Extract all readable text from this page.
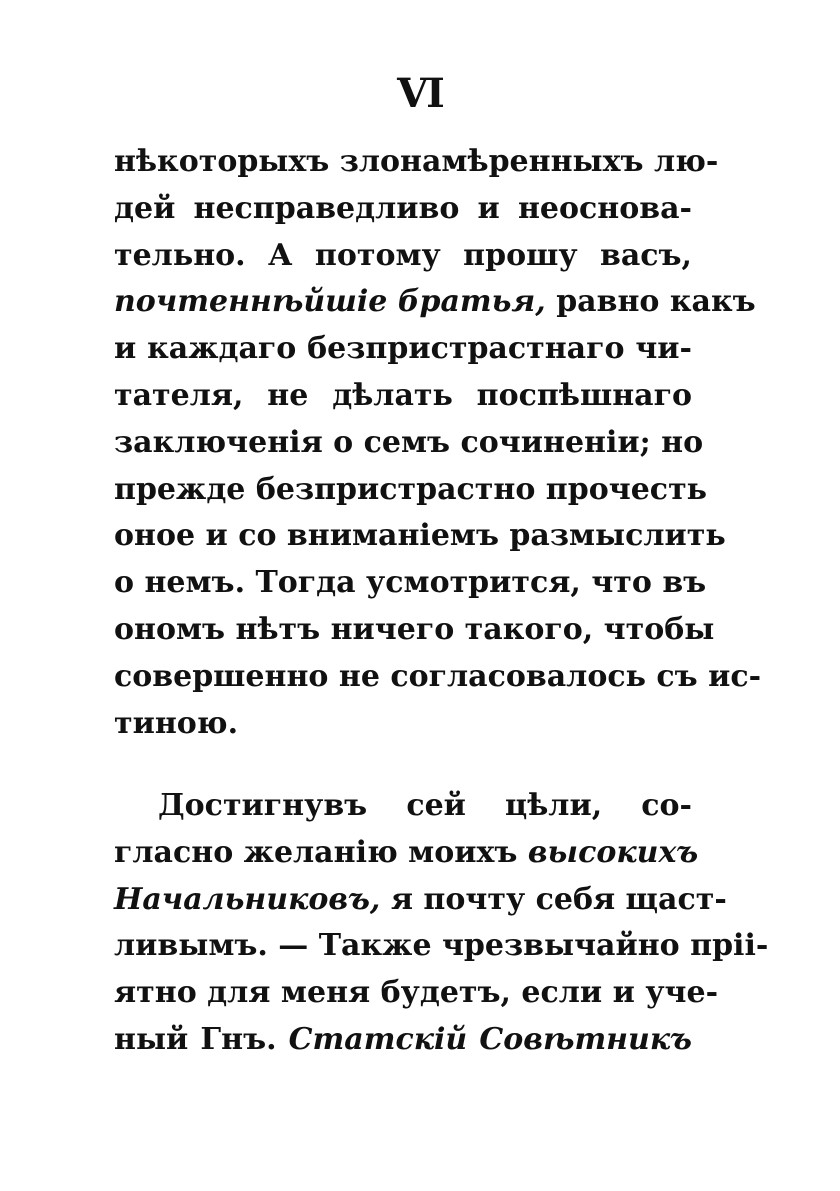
VI
нѣкоторыхъ злонамѣренныхъ лю-
дей несправедливо и неоснова-
тельно. А потому прошу васъ,
почтеннѣйшіе братья, равно какъ
и каждаго безпристрастнаго чи-
тателя, не дѣлать поспѣшнаго
заключенія о семъ сочиненіи; но
прежде безпристрастно прочесть
оное и со вниманіемъ размыслить
о немъ. Тогда усмотрится, что въ
ономъ нѣтъ ничего такого, чтобы
совершенно не согласовалось съ ис-
тиною.
Достигнувъ сей цѣли, со-
гласно желанію моихъ высокихъ
Начальниковъ, я почту себя щаст-
ливымъ. — Также чрезвычайно пріі-
ятно для меня будетъ, если и уче-
ный Гнъ. Статскій Совѣтникъ
